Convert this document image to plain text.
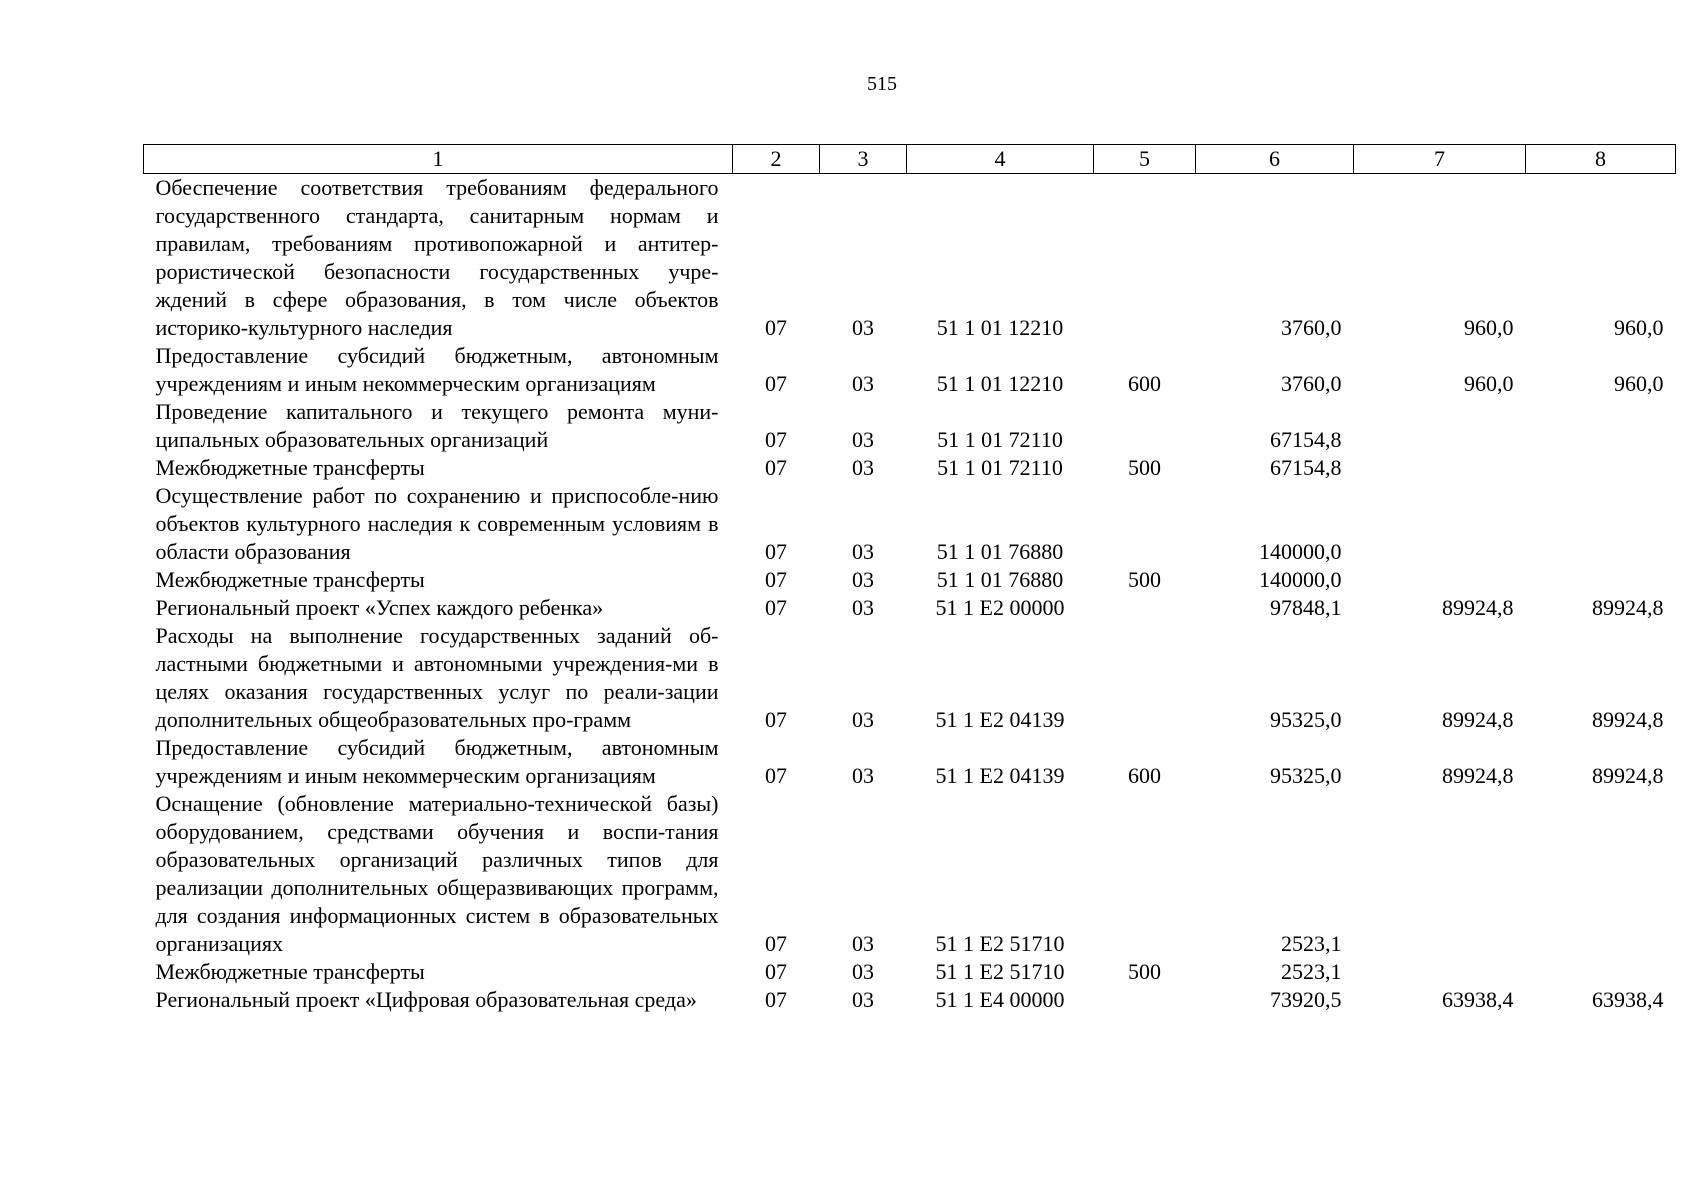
515
1	2	3	4	5	6	7	8
Обеспечение соответствия требованиям федерального государственного стандарта, санитарным нормам и правилам, требованиям противопожарной и антитер-рористической безопасности государственных учре-ждений в сфере образования, в том числе объектов историко-культурного наследия	07	03	51 1 01 12210		3760,0	960,0	960,0
Предоставление субсидий бюджетным, автономным учреждениям и иным некоммерческим организациям	07	03	51 1 01 12210	600	3760,0	960,0	960,0
Проведение капитального и текущего ремонта муни-ципальных образовательных организаций	07	03	51 1 01 72110		67154,8		
Межбюджетные трансферты	07	03	51 1 01 72110	500	67154,8		
Осуществление работ по сохранению и приспособле-нию объектов культурного наследия к современным условиям в области образования	07	03	51 1 01 76880		140000,0		
Межбюджетные трансферты	07	03	51 1 01 76880	500	140000,0		
Региональный проект «Успех каждого ребенка»	07	03	51 1 E2 00000		97848,1	89924,8	89924,8
Расходы на выполнение государственных заданий об-ластными бюджетными и автономными учреждения-ми в целях оказания государственных услуг по реали-зации дополнительных общеобразовательных про-грамм	07	03	51 1 E2 04139		95325,0	89924,8	89924,8
Предоставление субсидий бюджетным, автономным учреждениям и иным некоммерческим организациям	07	03	51 1 E2 04139	600	95325,0	89924,8	89924,8
Оснащение (обновление материально-технической базы) оборудованием, средствами обучения и воспи-тания образовательных организаций различных типов для реализации дополнительных общеразвивающих программ, для создания информационных систем в образовательных организациях	07	03	51 1 E2 51710		2523,1		
Межбюджетные трансферты	07	03	51 1 E2 51710	500	2523,1		
Региональный проект «Цифровая образовательная среда»	07	03	51 1 E4 00000		73920,5	63938,4	63938,4
